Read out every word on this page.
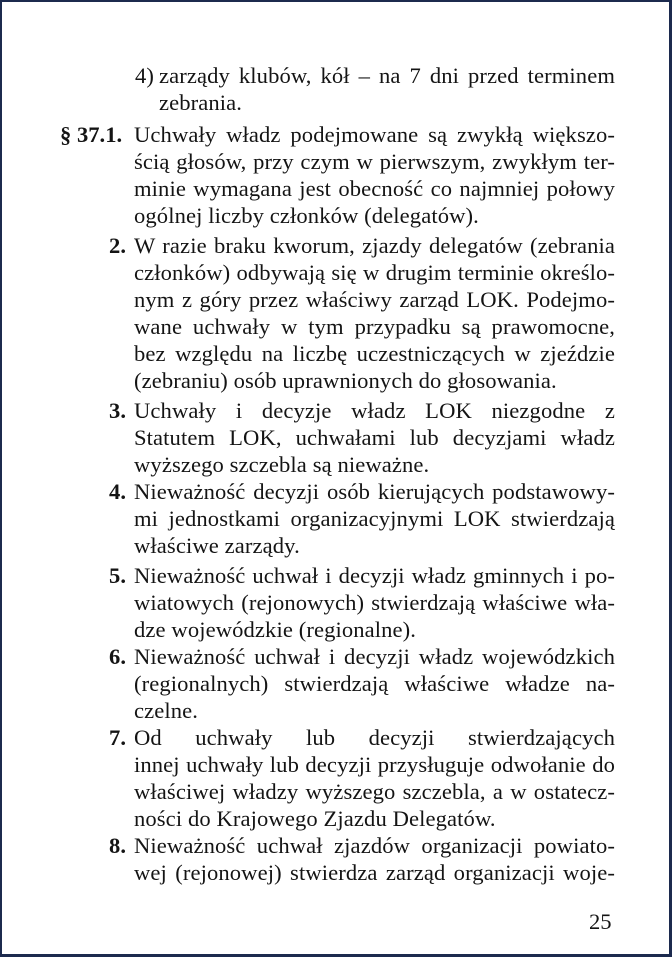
4) zarządy klubów, kół – na 7 dni przed terminem
zebrania.
§ 37.1. Uchwały władz podejmowane są zwykłą większo-
ścią głosów, przy czym w pierwszym, zwykłym ter-
minie wymagana jest obecność co najmniej połowy
ogólnej liczby członków (delegatów).
2. W razie braku kworum, zjazdy delegatów (zebrania
członków) odbywają się w drugim terminie określo-
nym z góry przez właściwy zarząd LOK. Podejmo-
wane uchwały w tym przypadku są prawomocne,
bez względu na liczbę uczestniczących w zjeździe
(zebraniu) osób uprawnionych do głosowania.
3. Uchwały i decyzje władz LOK niezgodne z
Statutem LOK, uchwałami lub decyzjami władz
wyższego szczebla są nieważne.
4. Nieważność decyzji osób kierujących podstawowy-
mi jednostkami organizacyjnymi LOK stwierdzają
właściwe zarządy.
5. Nieważność uchwał i decyzji władz gminnych i po-
wiatowych (rejonowych) stwierdzają właściwe wła-
dze wojewódzkie (regionalne).
6. Nieważność uchwał i decyzji władz wojewódzkich
(regionalnych) stwierdzają właściwe władze na-
czelne.
7. Od uchwały lub decyzji stwierdzających
innej uchwały lub decyzji przysługuje odwołanie do
właściwej władzy wyższego szczebla, a w ostatecz-
ności do Krajowego Zjazdu Delegatów.
8. Nieważność uchwał zjazdów organizacji powiato-
wej (rejonowej) stwierdza zarząd organizacji woje-
25
